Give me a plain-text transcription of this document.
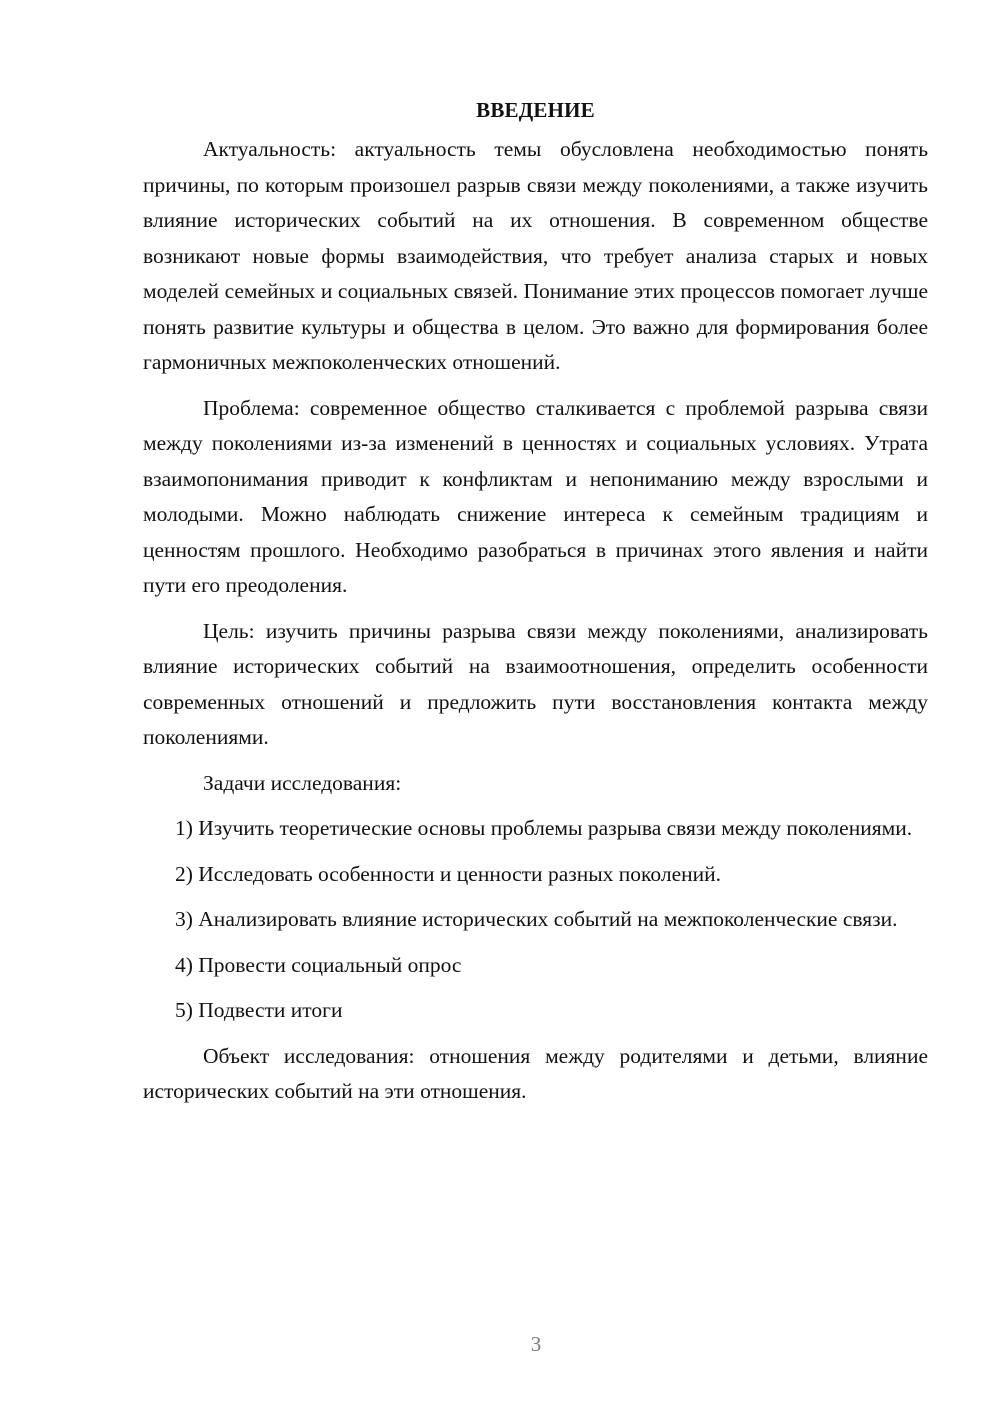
ВВЕДЕНИЕ

Актуальность: актуальность темы обусловлена необходимостью понять причины, по которым произошел разрыв связи между поколениями, а также изучить влияние исторических событий на их отношения. В современном обществе возникают новые формы взаимодействия, что требует анализа старых и новых моделей семейных и социальных связей. Понимание этих процессов помогает лучше понять развитие культуры и общества в целом. Это важно для формирования более гармоничных межпоколенческих отношений.

Проблема: современное общество сталкивается с проблемой разрыва связи между поколениями из-за изменений в ценностях и социальных условиях. Утрата взаимопонимания приводит к конфликтам и непониманию между взрослыми и молодыми. Можно наблюдать снижение интереса к семейным традициям и ценностям прошлого. Необходимо разобраться в причинах этого явления и найти пути его преодоления.

Цель: изучить причины разрыва связи между поколениями, анализировать влияние исторических событий на взаимоотношения, определить особенности современных отношений и предложить пути восстановления контакта между поколениями.

Задачи исследования:

1) Изучить теоретические основы проблемы разрыва связи между поколениями.

2) Исследовать особенности и ценности разных поколений.

3) Анализировать влияние исторических событий на межпоколенческие связи.

4) Провести социальный опрос

5) Подвести итоги

Объект исследования: отношения между родителями и детьми, влияние исторических событий на эти отношения.

3
